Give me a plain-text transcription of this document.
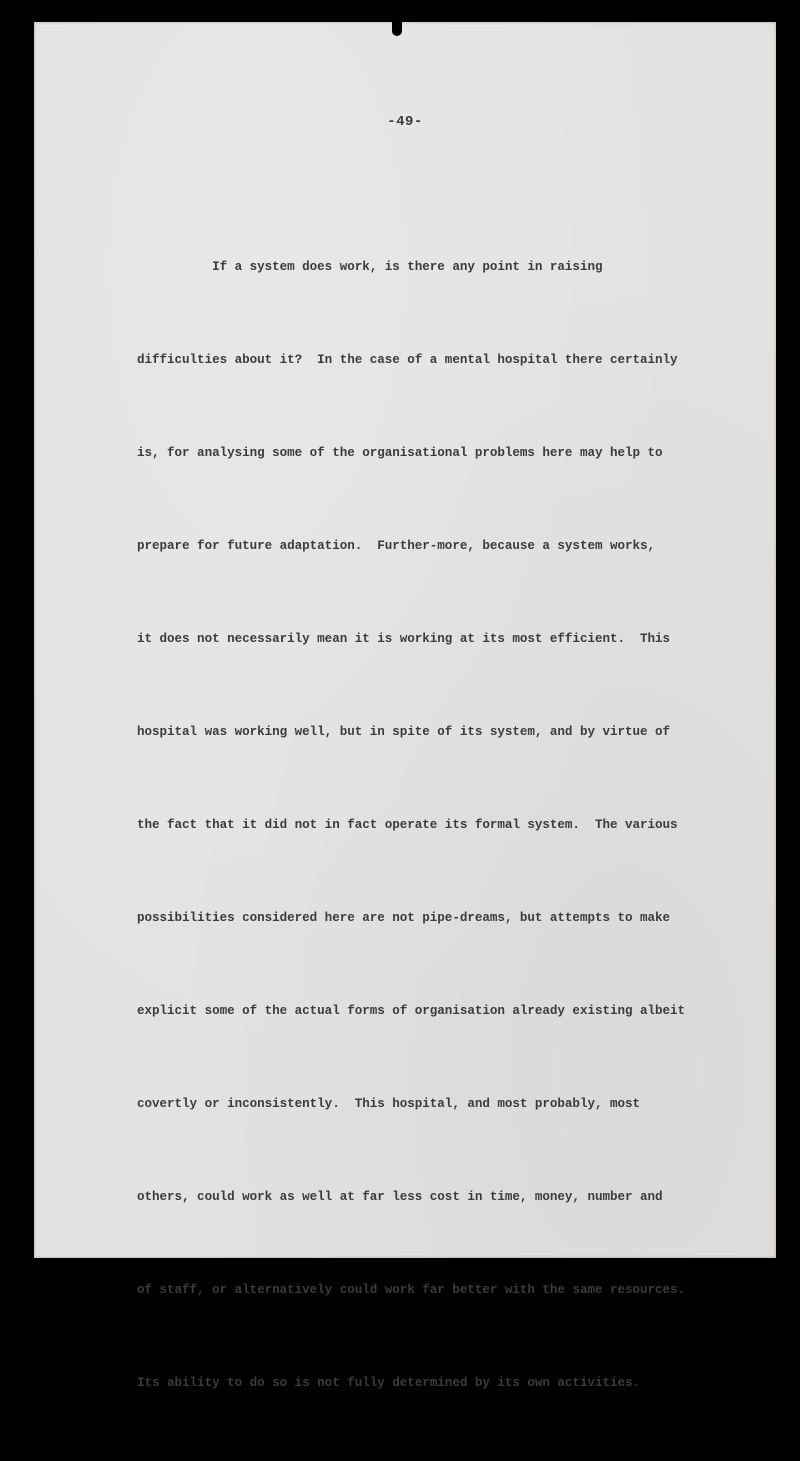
-49-

If a system does work, is there any point in raising

difficulties about it?  In the case of a mental hospital there certainly

is, for analysing some of the organisational problems here may help to

prepare for future adaptation.  Further-more, because a system works,

it does not necessarily mean it is working at its most efficient.  This

hospital was working well, but in spite of its system, and by virtue of

the fact that it did not in fact operate its formal system.  The various

possibilities considered here are not pipe-dreams, but attempts to make

explicit some of the actual forms of organisation already existing albeit

covertly or inconsistently.  This hospital, and most probably, most

others, could work as well at far less cost in time, money, number and

of staff, or alternatively could work far better with the same resources.

Its ability to do so is not fully determined by its own activities.
